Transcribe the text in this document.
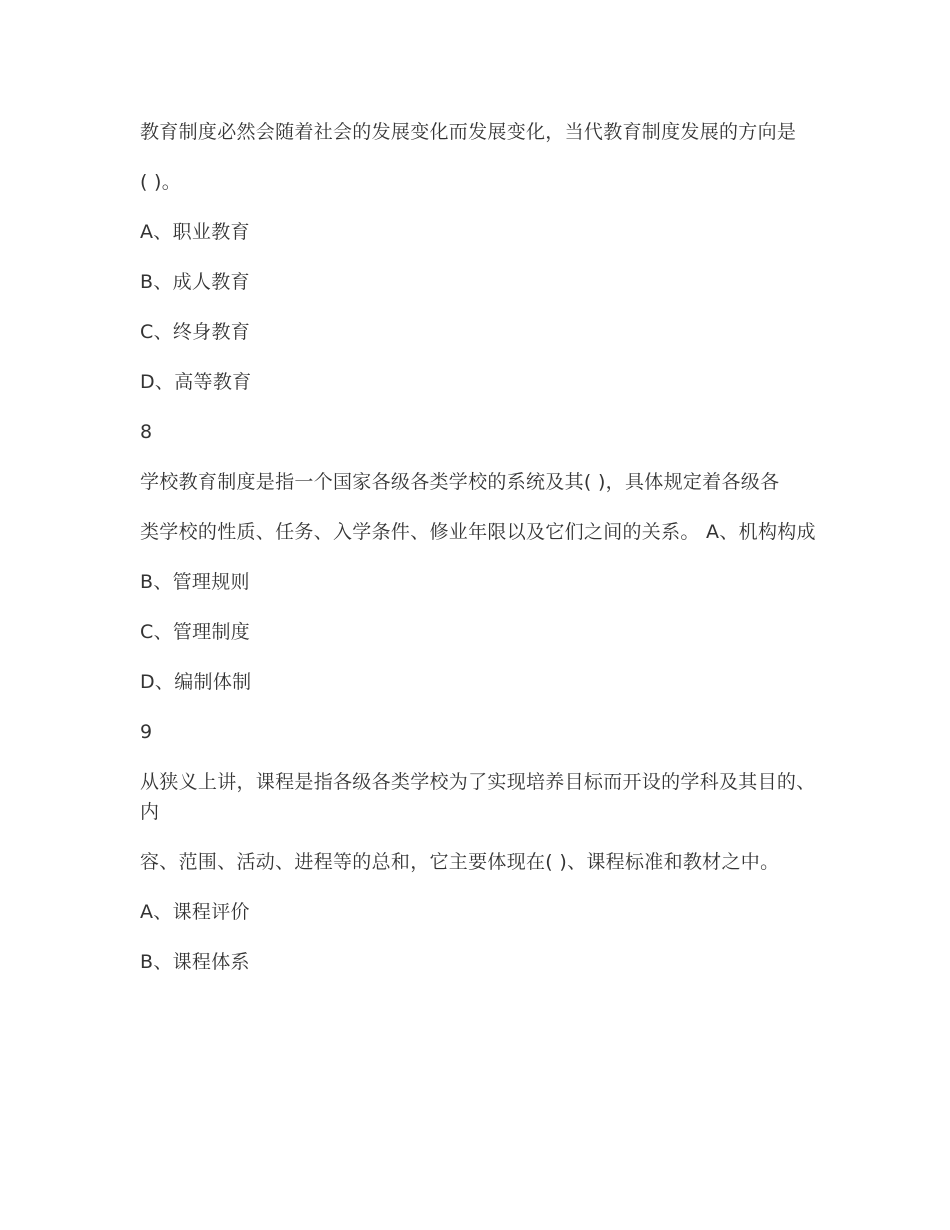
教育制度必然会随着社会的发展变化而发展变化，当代教育制度发展的方向是

( )。

A、职业教育

B、成人教育

C、终身教育

D、高等教育

8

学校教育制度是指一个国家各级各类学校的系统及其( )，具体规定着各级各

类学校的性质、任务、入学条件、修业年限以及它们之间的关系。 A、机构构成

B、管理规则

C、管理制度

D、编制体制

9

从狭义上讲，课程是指各级各类学校为了实现培养目标而开设的学科及其目的、内

容、范围、活动、进程等的总和，它主要体现在( )、课程标准和教材之中。

A、课程评价

B、课程体系
